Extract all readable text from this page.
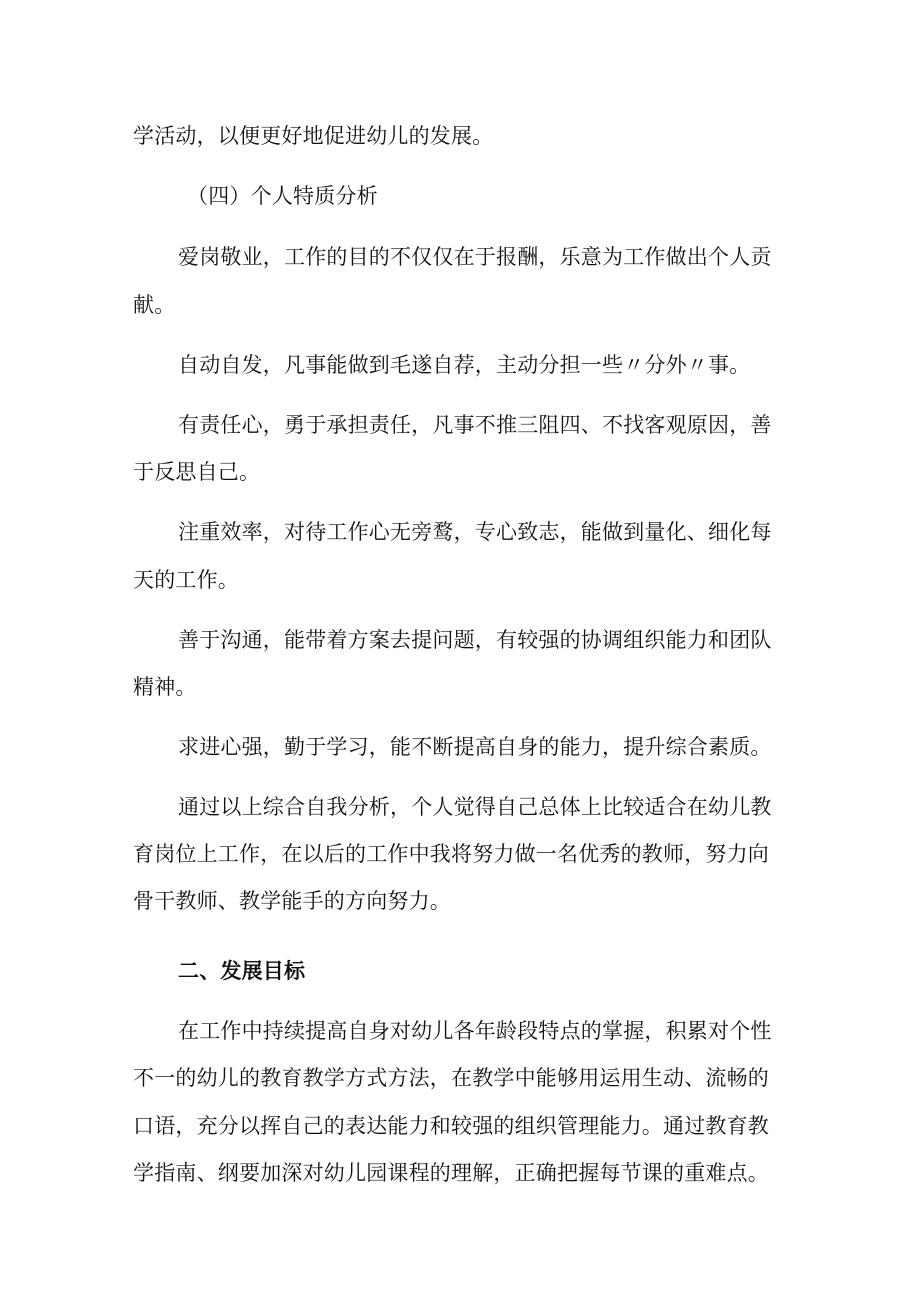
学活动，以便更好地促进幼儿的发展。
（四）个人特质分析
爱岗敬业，工作的目的不仅仅在于报酬，乐意为工作做出个人贡
献。
自动自发，凡事能做到毛遂自荐，主动分担一些〃分外〃事。
有责任心，勇于承担责任，凡事不推三阻四、不找客观原因，善
于反思自己。
注重效率，对待工作心无旁鹜，专心致志，能做到量化、细化每
天的工作。
善于沟通，能带着方案去提问题，有较强的协调组织能力和团队
精神。
求进心强，勤于学习，能不断提高自身的能力，提升综合素质。
通过以上综合自我分析，个人觉得自己总体上比较适合在幼儿教
育岗位上工作，在以后的工作中我将努力做一名优秀的教师，努力向
骨干教师、教学能手的方向努力。
二、发展目标
在工作中持续提高自身对幼儿各年龄段特点的掌握，积累对个性
不一的幼儿的教育教学方式方法，在教学中能够用运用生动、流畅的
口语，充分以挥自己的表达能力和较强的组织管理能力。通过教育教
学指南、纲要加深对幼儿园课程的理解，正确把握每节课的重难点。
